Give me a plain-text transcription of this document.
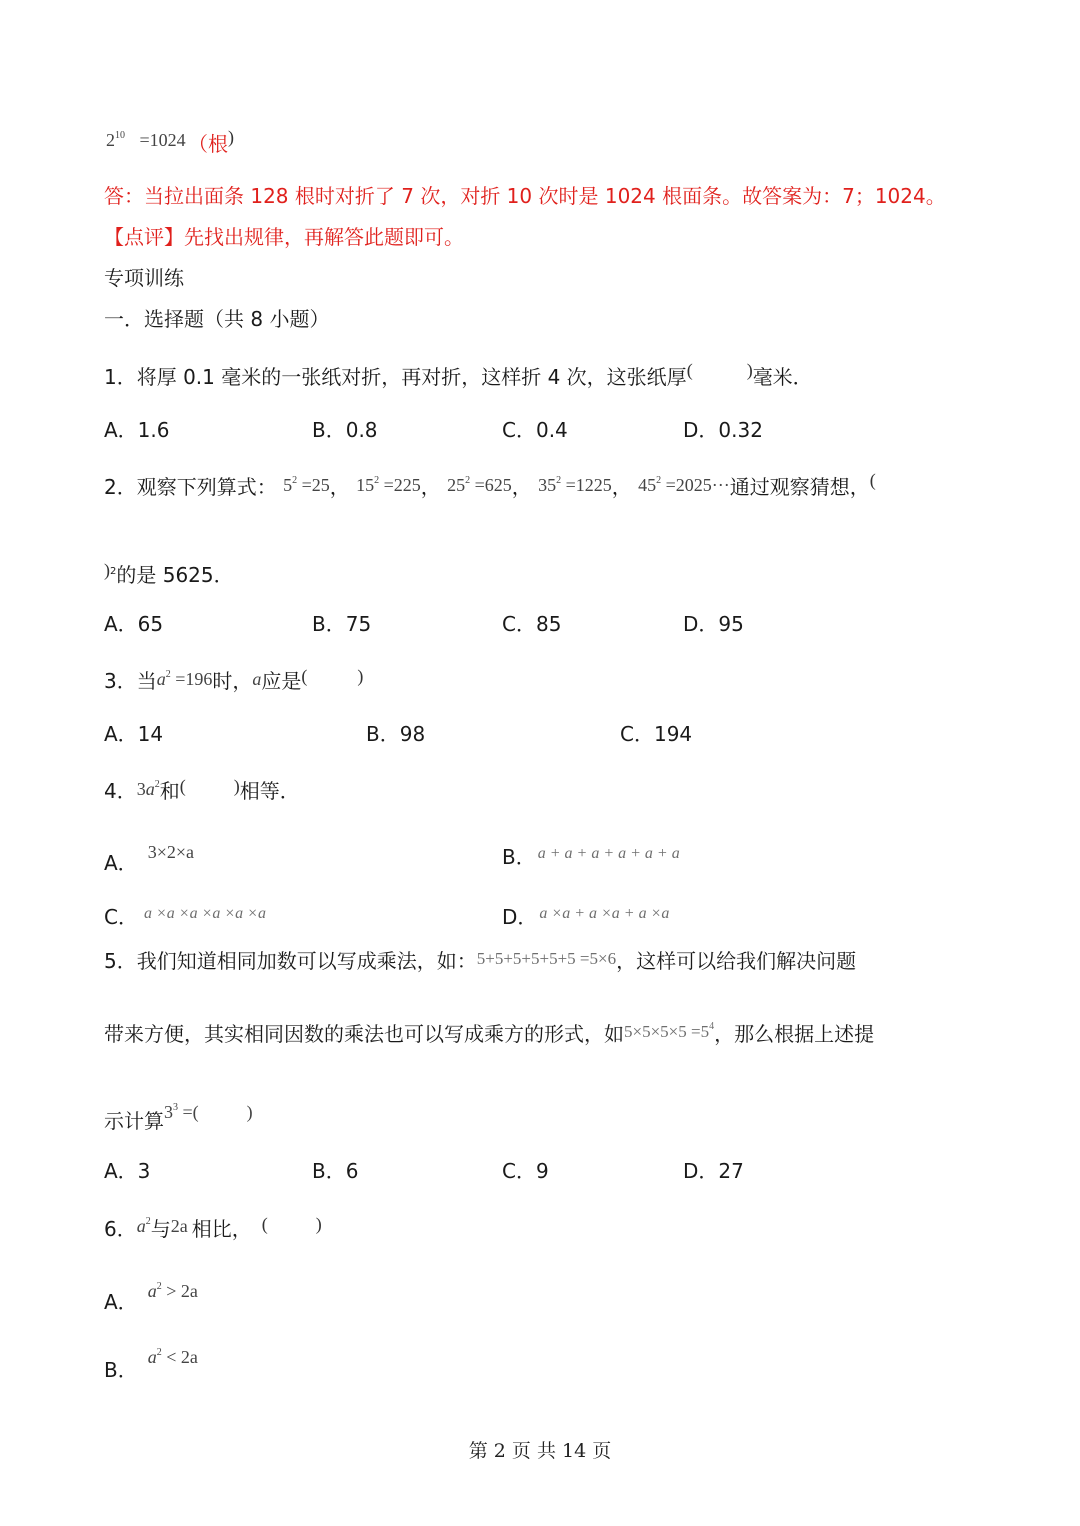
$2^{10} =1024$ （根)
答：当拉出面条 128 根时对折了 7 次，对折 10 次时是 1024 根面条。故答案为：7；1024。
【点评】先找出规律，再解答此题即可。
专项训练
一．选择题（共 8 小题）
1．将厚 0.1 毫米的一张纸对折，再对折，这样折 4 次，这张纸厚(	)毫米．
A．1.6	B．0.8	C．0.4	D．0.32
2．观察下列算式： $5^2 =25$， $15^2 =225$， $25^2 =625$， $35^2 =1225$， $45^2 =2025\cdot\cdot\cdot$通过观察猜想，(
)$^2$的是 5625．
A．65	B．75	C．85	D．95
3．当$a^2 =196$时，a应是(	)
A．14	B．98	C．194
4．$3a^2$和(	)相等．
A． 3×2×a	B． $^{a + a + a + a + a + a}$
C． $^{a \times a \times a \times a \times a \times a}$	D． $^{a \times a + a \times a + a \times a}$
5．我们知道相同加数可以写成乘法，如：$^{5+5+5+5+5+5 =5\times 6}$，这样可以给我们解决问题
带来方便，其实相同因数的乘法也可以写成乘方的形式，如$^{5\times 5\times 5\times 5 =5^4}$，那么根据上述提
示计算$3^3$ =(	)
A．3	B．6	C．9	D．27
6．$a^2$与2a 相比， (	)
A． $a^2 > 2a$
B．$a^2 < 2a$
第 2 页 共 14 页
